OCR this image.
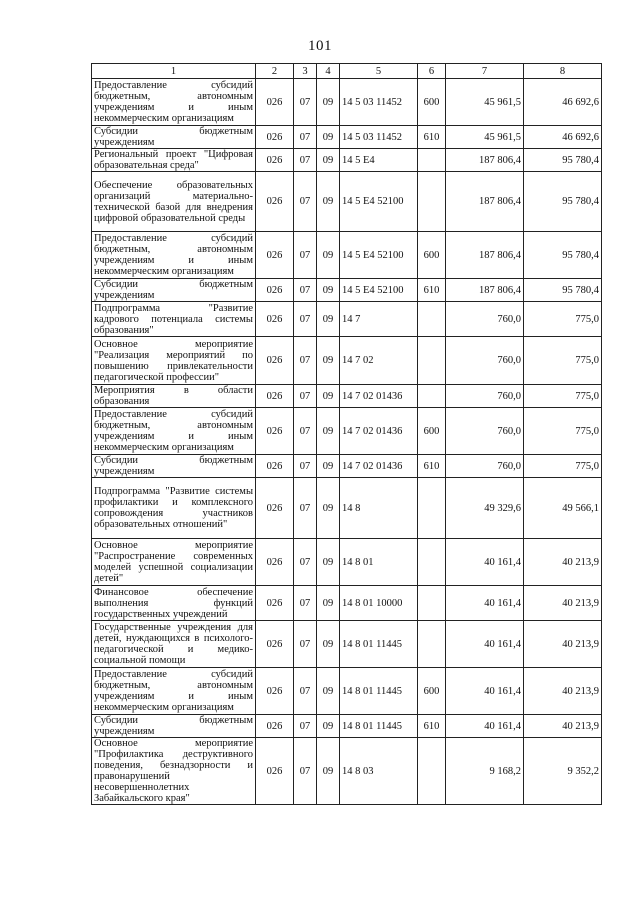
101
1	2	3	4	5	6	7	8
Предоставление субсидий бюджетным, автономным учреждениям и иным некоммерческим организациям	026	07	09	14 5 03 11452	600	45 961,5	46 692,6
Субсидии бюджетным учреждениям	026	07	09	14 5 03 11452	610	45 961,5	46 692,6
Региональный проект "Цифровая образовательная среда"	026	07	09	14 5 Е4		187 806,4	95 780,4
Обеспечение образовательных организаций материально-технической базой для внедрения цифровой образовательной среды	026	07	09	14 5 Е4 52100		187 806,4	95 780,4
Предоставление субсидий бюджетным, автономным учреждениям и иным некоммерческим организациям	026	07	09	14 5 Е4 52100	600	187 806,4	95 780,4
Субсидии бюджетным учреждениям	026	07	09	14 5 Е4 52100	610	187 806,4	95 780,4
Подпрограмма "Развитие кадрового потенциала системы образования"	026	07	09	14 7		760,0	775,0
Основное мероприятие "Реализация мероприятий по повышению привлекательности педагогической профессии"	026	07	09	14 7 02		760,0	775,0
Мероприятия в области образования	026	07	09	14 7 02 01436		760,0	775,0
Предоставление субсидий бюджетным, автономным учреждениям и иным некоммерческим организациям	026	07	09	14 7 02 01436	600	760,0	775,0
Субсидии бюджетным учреждениям	026	07	09	14 7 02 01436	610	760,0	775,0
Подпрограмма "Развитие системы профилактики и комплексного сопровождения участников образовательных отношений"	026	07	09	14 8		49 329,6	49 566,1
Основное мероприятие "Распространение современных моделей успешной социализации детей"	026	07	09	14 8 01		40 161,4	40 213,9
Финансовое обеспечение выполнения функций государственных учреждений	026	07	09	14 8 01 10000		40 161,4	40 213,9
Государственные учреждения для детей, нуждающихся в психолого-педагогической и медико-социальной помощи	026	07	09	14 8 01 11445		40 161,4	40 213,9
Предоставление субсидий бюджетным, автономным учреждениям и иным некоммерческим организациям	026	07	09	14 8 01 11445	600	40 161,4	40 213,9
Субсидии бюджетным учреждениям	026	07	09	14 8 01 11445	610	40 161,4	40 213,9
Основное мероприятие "Профилактика деструктивного поведения, безнадзорности и правонарушений несовершеннолетних Забайкальского края"	026	07	09	14 8 03		9 168,2	9 352,2
